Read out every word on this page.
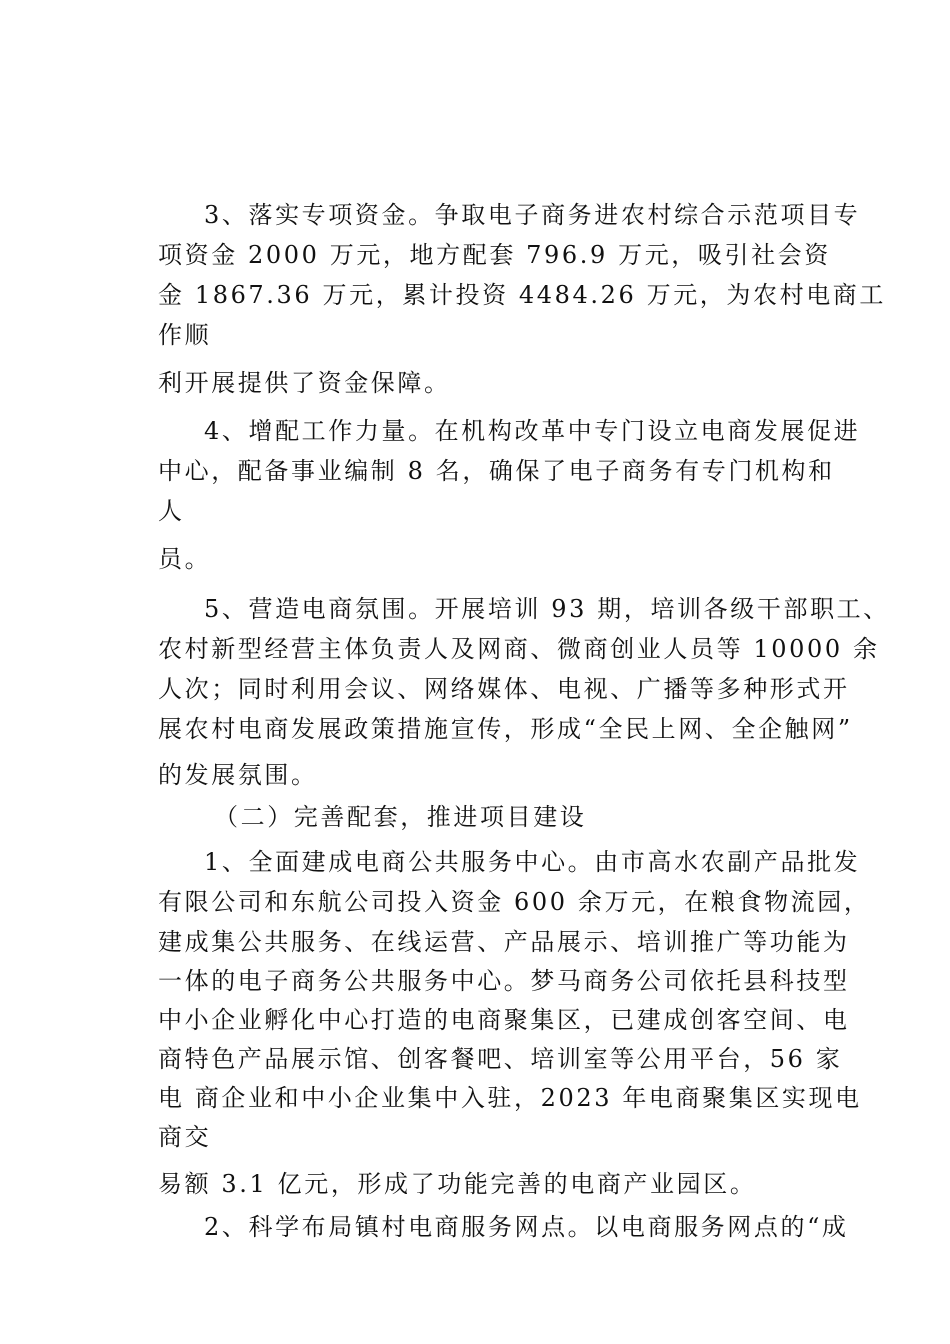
3、落实专项资金。争取电子商务进农村综合示范项目专
项资金 2000 万元，地方配套 796.9 万元，吸引社会资
金 1867.36 万元，累计投资 4484.26 万元，为农村电商工
作顺
利开展提供了资金保障。
4、增配工作力量。在机构改革中专门设立电商发展促进
中心，配备事业编制 8 名，确保了电子商务有专门机构和
人
员。
5、营造电商氛围。开展培训 93 期，培训各级干部职工、
农村新型经营主体负责人及网商、微商创业人员等 10000 余
人次；同时利用会议、网络媒体、电视、广播等多种形式开
展农村电商发展政策措施宣传，形成“全民上网、全企触网”
的发展氛围。
（二）完善配套，推进项目建设
1、全面建成电商公共服务中心。由市高水农副产品批发
有限公司和东航公司投入资金 600 余万元，在粮食物流园，
建成集公共服务、在线运营、产品展示、培训推广等功能为
一体的电子商务公共服务中心。梦马商务公司依托县科技型
中小企业孵化中心打造的电商聚集区，已建成创客空间、电
商特色产品展示馆、创客餐吧、培训室等公用平台，56 家
电 商企业和中小企业集中入驻，2023 年电商聚集区实现电
商交
易额 3.1 亿元，形成了功能完善的电商产业园区。
2、科学布局镇村电商服务网点。以电商服务网点的“成
